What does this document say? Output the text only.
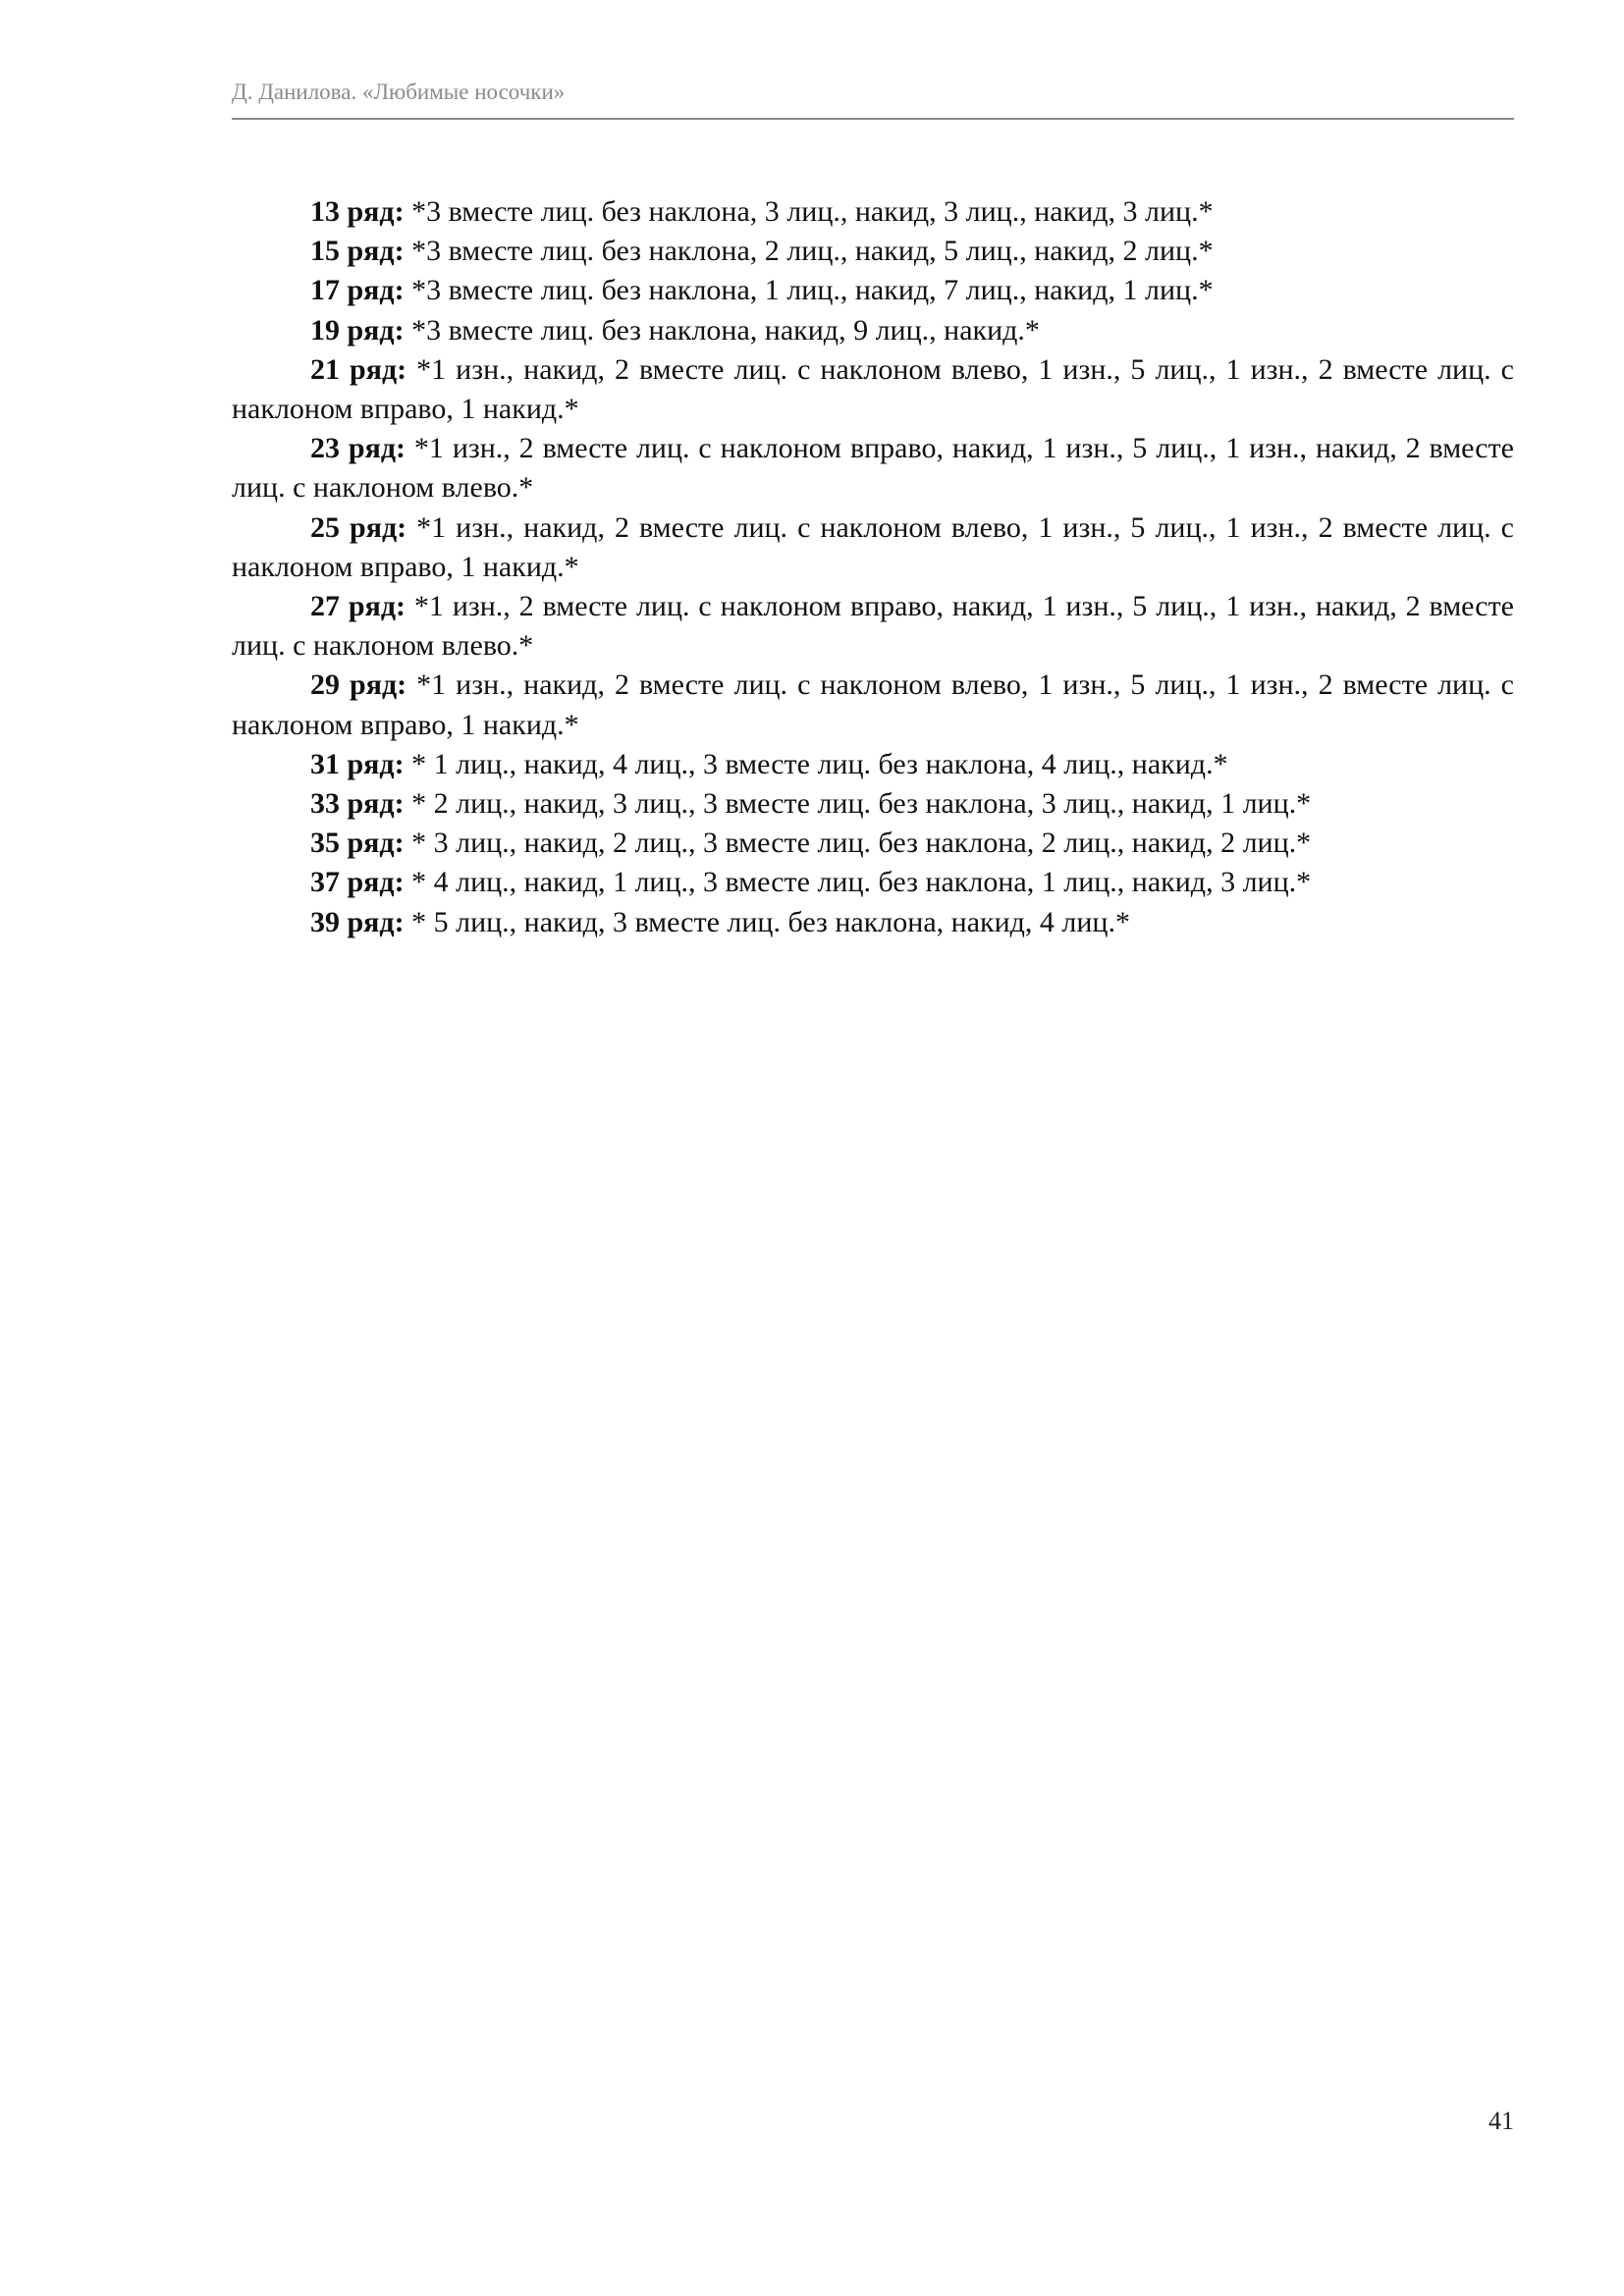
Д. Данилова. «Любимые носочки»

13 ряд: *3 вместе лиц. без наклона, 3 лиц., накид, 3 лиц., накид, 3 лиц.*

15 ряд: *3 вместе лиц. без наклона, 2 лиц., накид, 5 лиц., накид, 2 лиц.*

17 ряд: *3 вместе лиц. без наклона, 1 лиц., накид, 7 лиц., накид, 1 лиц.*

19 ряд: *3 вместе лиц. без наклона, накид, 9 лиц., накид.*

21 ряд: *1 изн., накид, 2 вместе лиц. с наклоном влево, 1 изн., 5 лиц., 1 изн., 2 вместе лиц. с наклоном вправо, 1 накид.*

23 ряд: *1 изн., 2 вместе лиц. с наклоном вправо, накид, 1 изн., 5 лиц., 1 изн., накид, 2 вместе лиц. с наклоном влево.*

25 ряд: *1 изн., накид, 2 вместе лиц. с наклоном влево, 1 изн., 5 лиц., 1 изн., 2 вместе лиц. с наклоном вправо, 1 накид.*

27 ряд: *1 изн., 2 вместе лиц. с наклоном вправо, накид, 1 изн., 5 лиц., 1 изн., накид, 2 вместе лиц. с наклоном влево.*

29 ряд: *1 изн., накид, 2 вместе лиц. с наклоном влево, 1 изн., 5 лиц., 1 изн., 2 вместе лиц. с наклоном вправо, 1 накид.*

31 ряд: * 1 лиц., накид, 4 лиц., 3 вместе лиц. без наклона, 4 лиц., накид.*

33 ряд: * 2 лиц., накид, 3 лиц., 3 вместе лиц. без наклона, 3 лиц., накид, 1 лиц.*

35 ряд: * 3 лиц., накид, 2 лиц., 3 вместе лиц. без наклона, 2 лиц., накид, 2 лиц.*

37 ряд: * 4 лиц., накид, 1 лиц., 3 вместе лиц. без наклона, 1 лиц., накид, 3 лиц.*

39 ряд: * 5 лиц., накид, 3 вместе лиц. без наклона, накид, 4 лиц.*

41
